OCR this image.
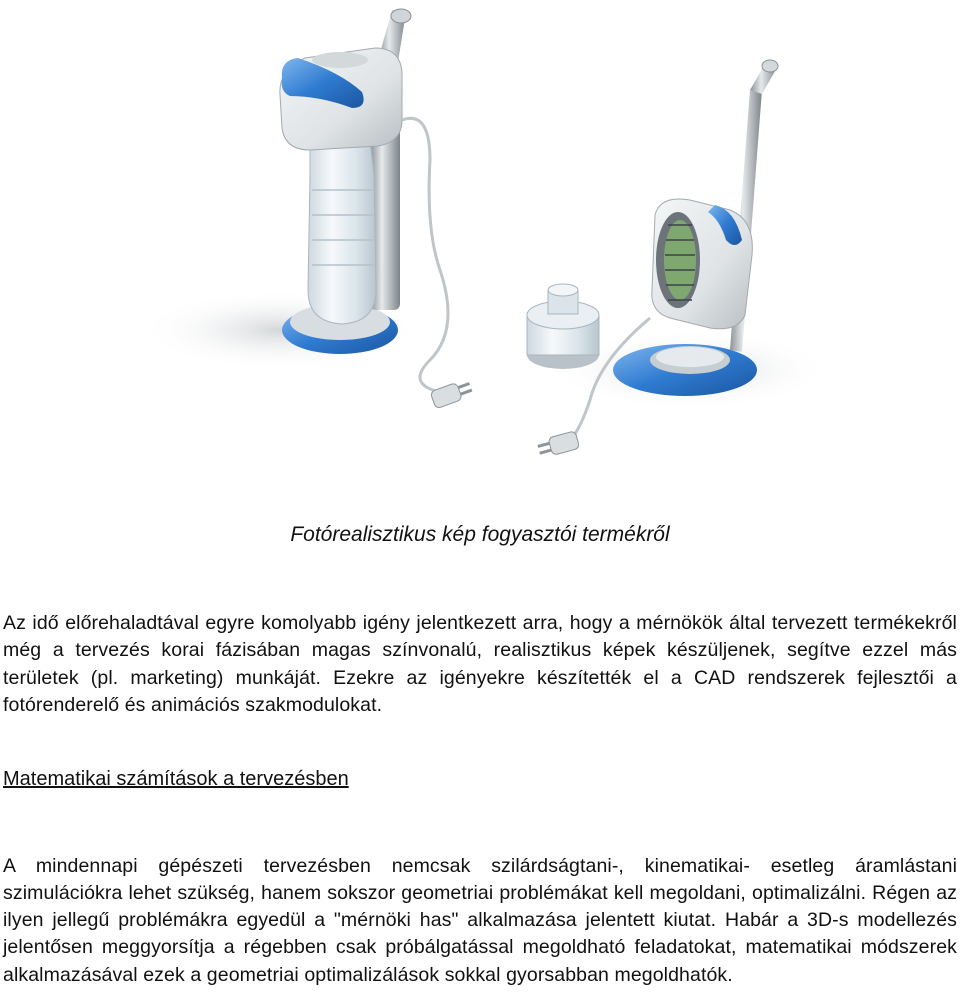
Fotórealisztikus kép fogyasztói termékről

Az idő előrehaladtával egyre komolyabb igény jelentkezett arra, hogy a mérnökök által tervezett termékekről még a tervezés korai fázisában magas színvonalú, realisztikus képek készüljenek, segítve ezzel más területek (pl. marketing) munkáját. Ezekre az igényekre készítették el a CAD rendszerek fejlesztői a fotórenderelő és animációs szakmodulokat.

Matematikai számítások a tervezésben

A mindennapi gépészeti tervezésben nemcsak szilárdságtani-, kinematikai- esetleg áramlástani szimulációkra lehet szükség, hanem sokszor geometriai problémákat kell megoldani, optimalizálni. Régen az ilyen jellegű problémákra egyedül a "mérnöki has" alkalmazása jelentett kiutat. Habár a 3D-s modellezés jelentősen meggyorsítja a régebben csak próbálgatással megoldható feladatokat, matematikai módszerek alkalmazásával ezek a geometriai optimalizálások sokkal gyorsabban megoldhatók.
